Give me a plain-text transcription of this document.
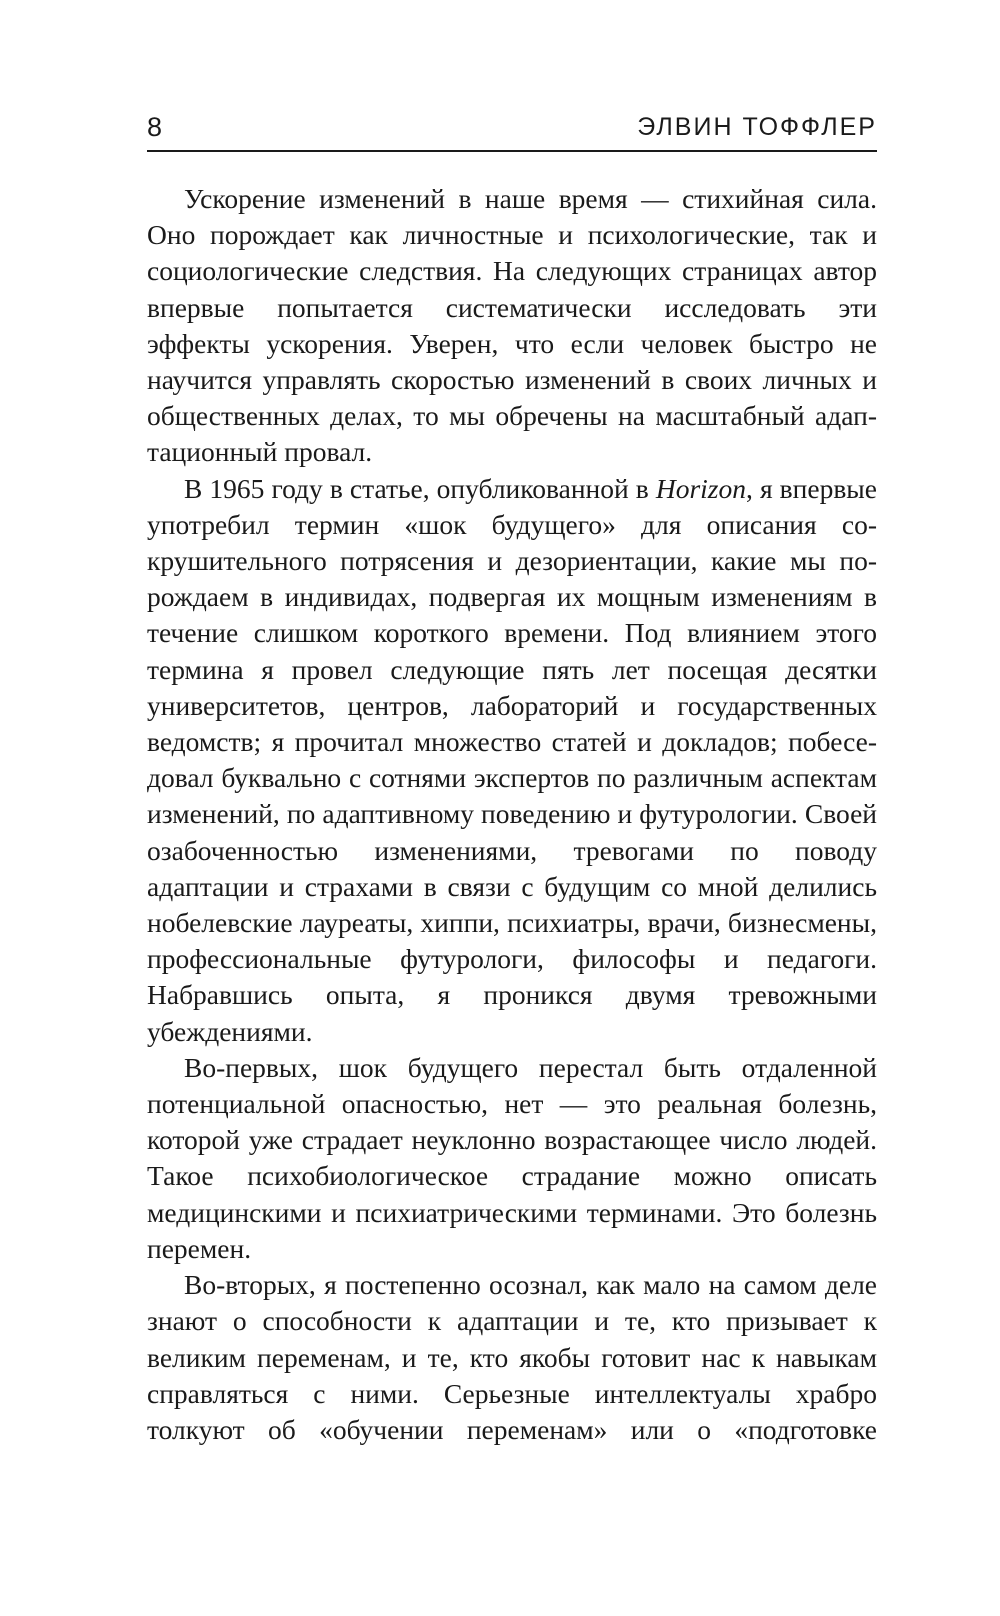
8	ЭЛВИН ТОФФЛЕР

Ускорение изменений в наше время — стихийная сила. Оно порождает как личностные и психологические, так и социологические следствия. На следующих страницах автор впервые попытается систематически исследовать эти эффекты ускорения. Уверен, что если человек быстро не научится управлять скоростью изменений в своих личных и общественных делах, то мы обречены на масштабный адаптационный провал.

В 1965 году в статье, опубликованной в Horizon, я впервые употребил термин «шок будущего» для описания сокрушительного потрясения и дезориентации, какие мы порождаем в индивидах, подвергая их мощным изменениям в течение слишком короткого времени. Под влиянием этого термина я провел следующие пять лет посещая десятки университетов, центров, лабораторий и государственных ведомств; я прочитал множество статей и докладов; побеседовал буквально с сотнями экспертов по различным аспектам изменений, по адаптивному поведению и футурологии. Своей озабоченностью изменениями, тревогами по поводу адаптации и страхами в связи с будущим со мной делились нобелевские лауреаты, хиппи, психиатры, врачи, бизнесмены, профессиональные футурологи, философы и педагоги. Набравшись опыта, я проникся двумя тревожными убеждениями.

Во-первых, шок будущего перестал быть отдаленной потенциальной опасностью, нет — это реальная болезнь, которой уже страдает неуклонно возрастающее число людей. Такое психобиологическое страдание можно описать медицинскими и психиатрическими терминами. Это болезнь перемен.

Во-вторых, я постепенно осознал, как мало на самом деле знают о способности к адаптации и те, кто призывает к великим переменам, и те, кто якобы готовит нас к навыкам справляться с ними. Серьезные интеллектуалы храбро толкуют об «обучении переменам» или о «подготовке
